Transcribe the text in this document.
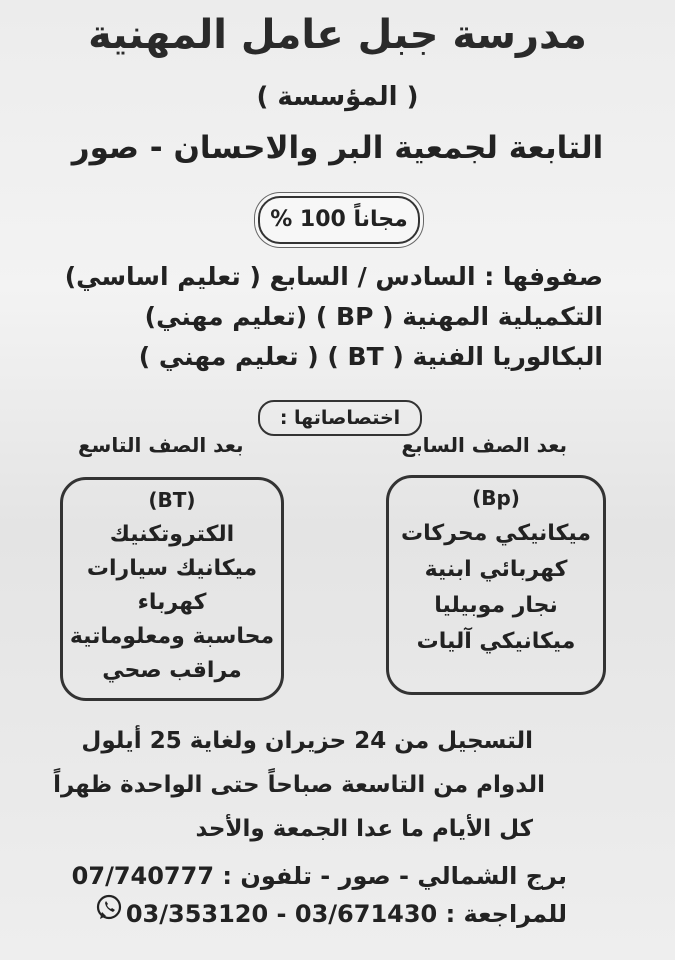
مدرسة جبل عامل المهنية
( المؤسسة )
التابعة لجمعية البر والاحسان - صور
مجاناً 100 %
صفوفها : السادس / السابع ( تعليم اساسي)
التكميلية المهنية ( BP ) (تعليم مهني)
البكالوريا الفنية ( BT ) ( تعليم مهني )
اختصاصاتها :
بعد الصف السابع
بعد الصف التاسع
(Bp)
ميكانيكي محركات
كهربائي ابنية
نجار موبيليا
ميكانيكي آليات
(BT)
الكتروتكنيك
ميكانيك سيارات
كهرباء
محاسبة ومعلوماتية
مراقب صحي
التسجيل من 24 حزيران ولغاية 25 أيلول
الدوام من التاسعة صباحاً حتى الواحدة ظهراً
كل الأيام ما عدا الجمعة والأحد
برج الشمالي - صور - تلفون : 07/740777
للمراجعة : 03/671430 - 03/353120
